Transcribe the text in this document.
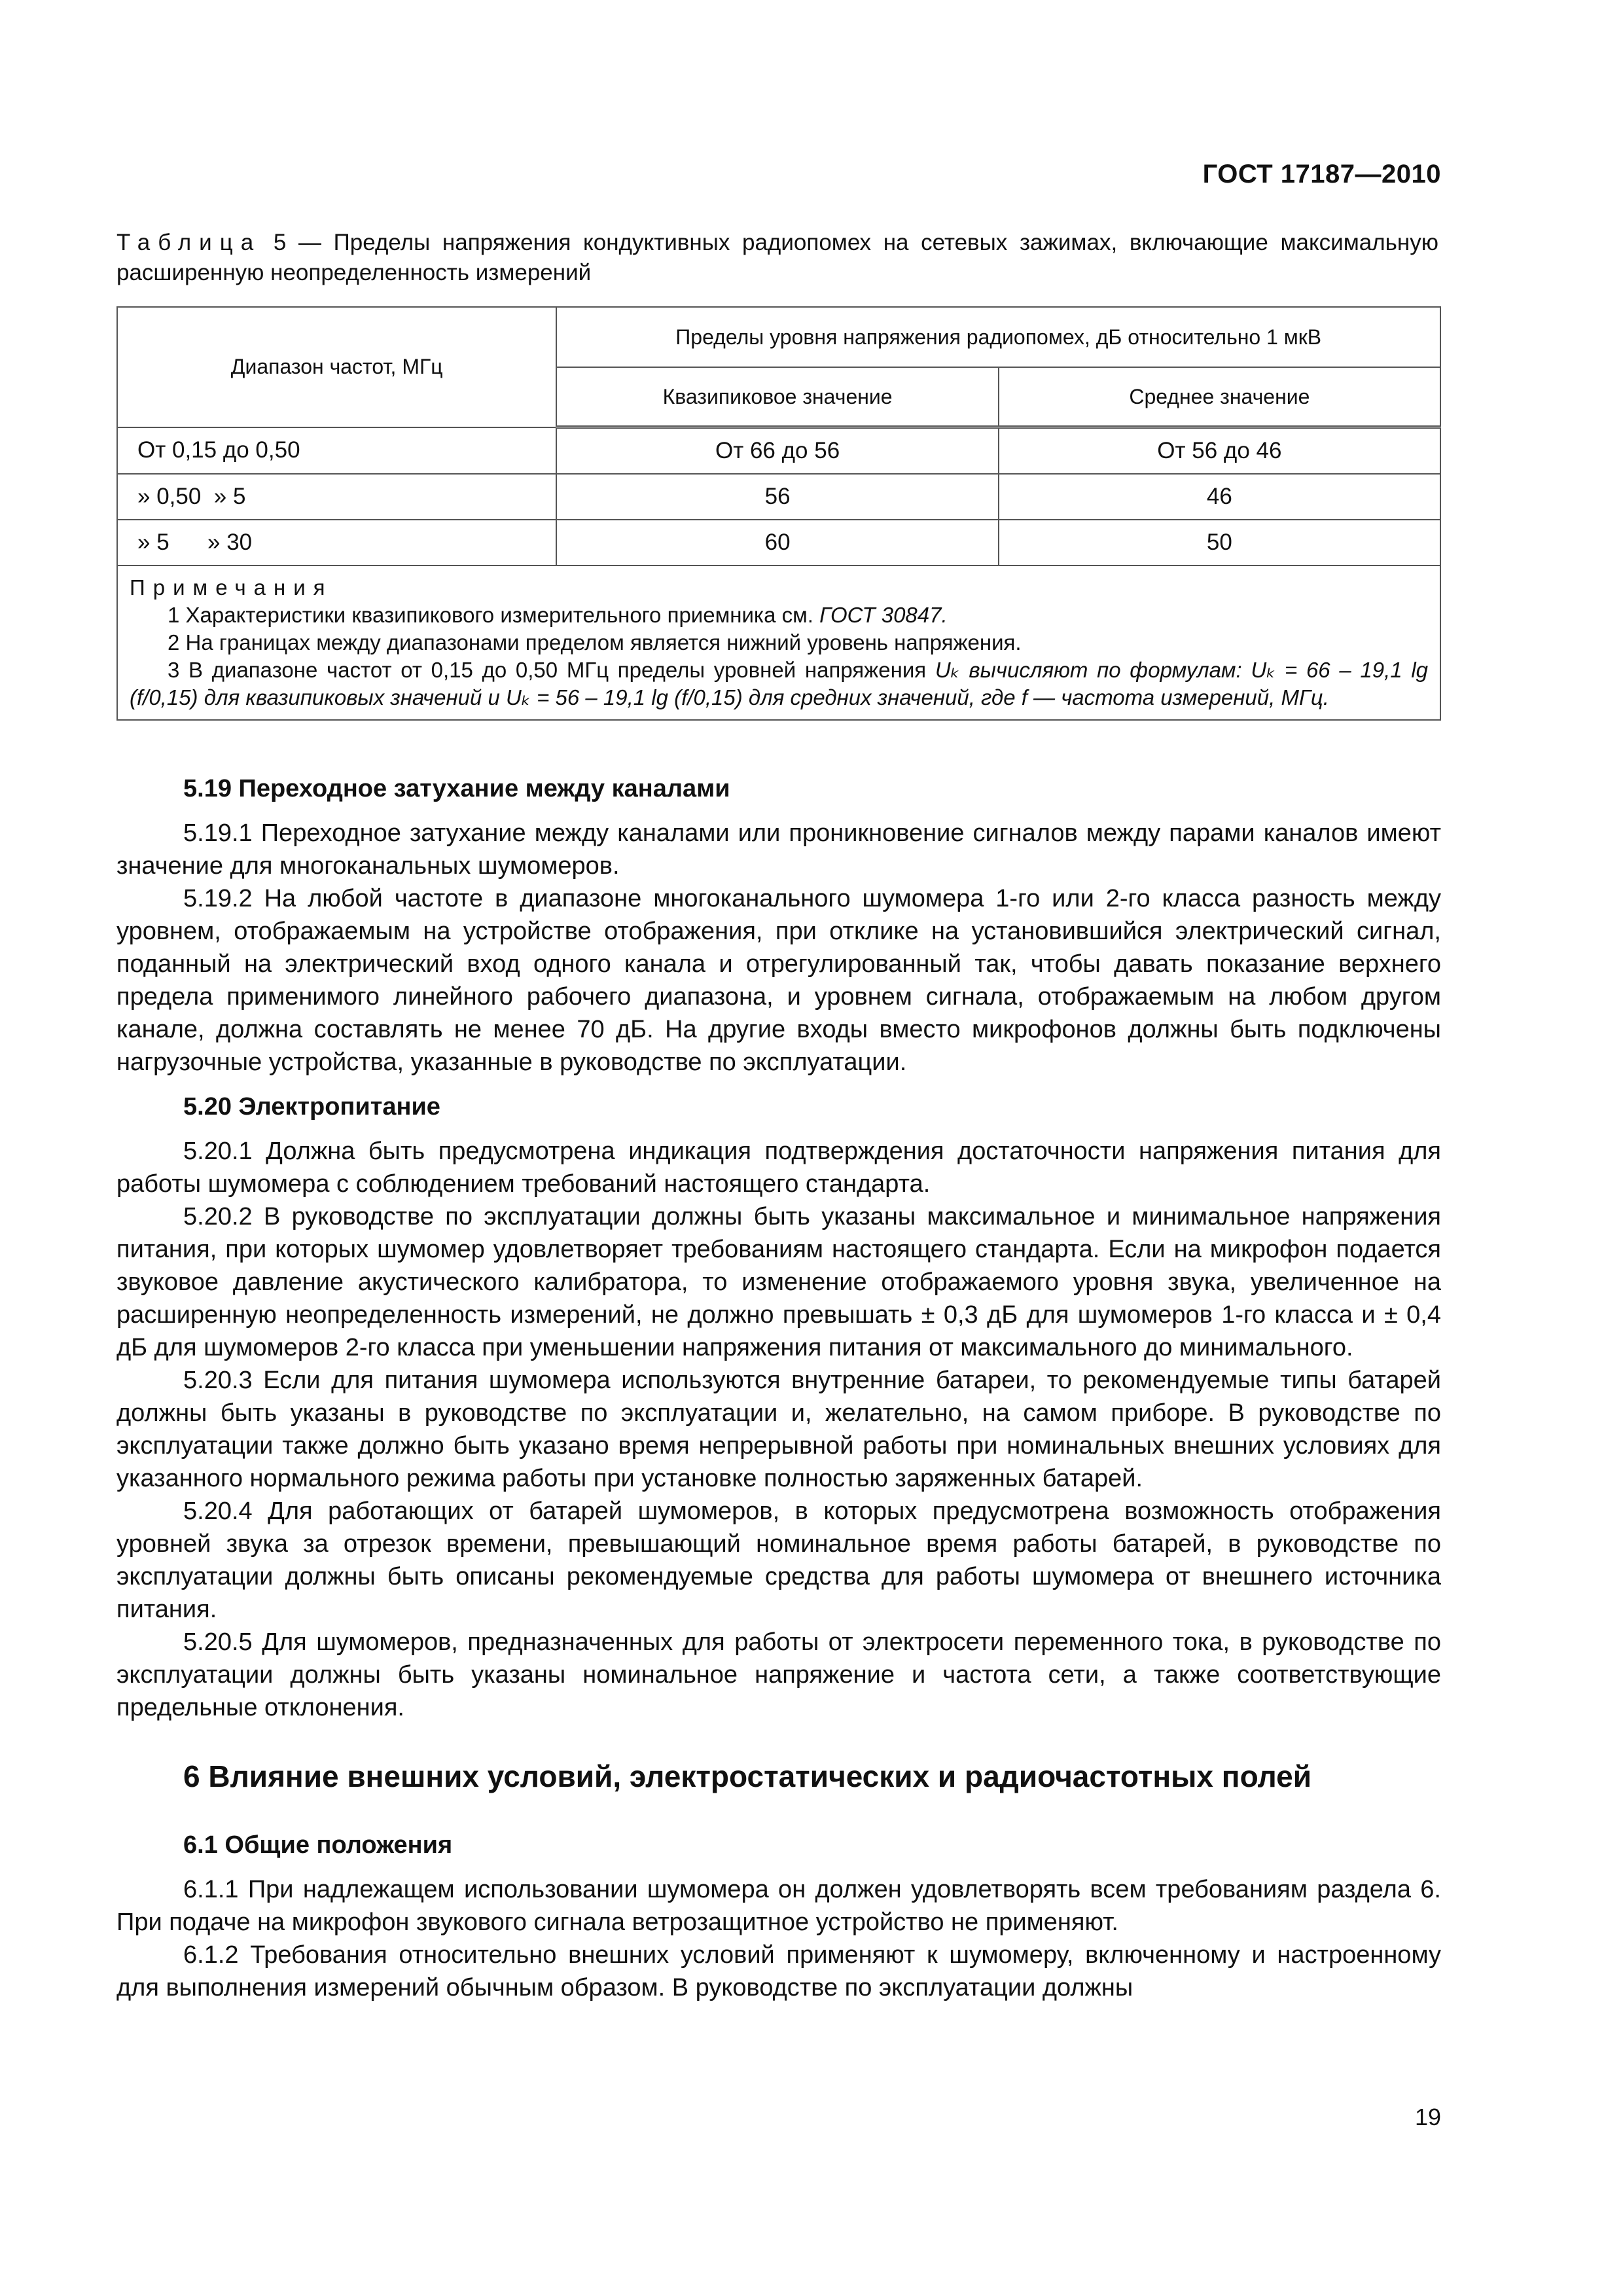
ГОСТ 17187—2010
Таблица 5 — Пределы напряжения кондуктивных радиопомех на сетевых зажимах, включающие максимальную расширенную неопределенность измерений
Диапазон частот, МГц	Пределы уровня напряжения радиопомех, дБ относительно 1 мкВ	
	Квазипиковое значение	Среднее значение
От 0,15 до 0,50	От 66 до 56	От 56 до 46
» 0,50  » 5	56	46
» 5      » 30	60	50

Примечания
1 Характеристики квазипикового измерительного приемника см. ГОСТ 30847.
2 На границах между диапазонами пределом является нижний уровень напряжения.
3 В диапазоне частот от 0,15 до 0,50 МГц пределы уровней напряжения Uₖ вычисляют по формулам: Uₖ = 66 – 19,1 lg (f/0,15) для квазипиковых значений и Uₖ = 56 – 19,1 lg (f/0,15) для средних значений, где f — частота измерений, МГц.		
5.19 Переходное затухание между каналами

5.19.1 Переходное затухание между каналами или проникновение сигналов между парами каналов имеют значение для многоканальных шумомеров.

5.19.2 На любой частоте в диапазоне многоканального шумомера 1-го или 2-го класса разность между уровнем, отображаемым на устройстве отображения, при отклике на установившийся электрический сигнал, поданный на электрический вход одного канала и отрегулированный так, чтобы давать показание верхнего предела применимого линейного рабочего диапазона, и уровнем сигнала, отображаемым на любом другом канале, должна составлять не менее 70 дБ. На другие входы вместо микрофонов должны быть подключены нагрузочные устройства, указанные в руководстве по эксплуатации.

5.20 Электропитание

5.20.1 Должна быть предусмотрена индикация подтверждения достаточности напряжения питания для работы шумомера с соблюдением требований настоящего стандарта.

5.20.2 В руководстве по эксплуатации должны быть указаны максимальное и минимальное напряжения питания, при которых шумомер удовлетворяет требованиям настоящего стандарта. Если на микрофон подается звуковое давление акустического калибратора, то изменение отображаемого уровня звука, увеличенное на расширенную неопределенность измерений, не должно превышать ± 0,3 дБ для шумомеров 1-го класса и ± 0,4 дБ для шумомеров 2-го класса при уменьшении напряжения питания от максимального до минимального.

5.20.3 Если для питания шумомера используются внутренние батареи, то рекомендуемые типы батарей должны быть указаны в руководстве по эксплуатации и, желательно, на самом приборе. В руководстве по эксплуатации также должно быть указано время непрерывной работы при номинальных внешних условиях для указанного нормального режима работы при установке полностью заряженных батарей.

5.20.4 Для работающих от батарей шумомеров, в которых предусмотрена возможность отображения уровней звука за отрезок времени, превышающий номинальное время работы батарей, в руководстве по эксплуатации должны быть описаны рекомендуемые средства для работы шумомера от внешнего источника питания.

5.20.5 Для шумомеров, предназначенных для работы от электросети переменного тока, в руководстве по эксплуатации должны быть указаны номинальное напряжение и частота сети, а также соответствующие предельные отклонения.

6 Влияние внешних условий, электростатических и радиочастотных полей
6.1 Общие положения

6.1.1 При надлежащем использовании шумомера он должен удовлетворять всем требованиям раздела 6. При подаче на микрофон звукового сигнала ветрозащитное устройство не применяют.

6.1.2 Требования относительно внешних условий применяют к шумомеру, включенному и настроенному для выполнения измерений обычным образом. В руководстве по эксплуатации должны

19
